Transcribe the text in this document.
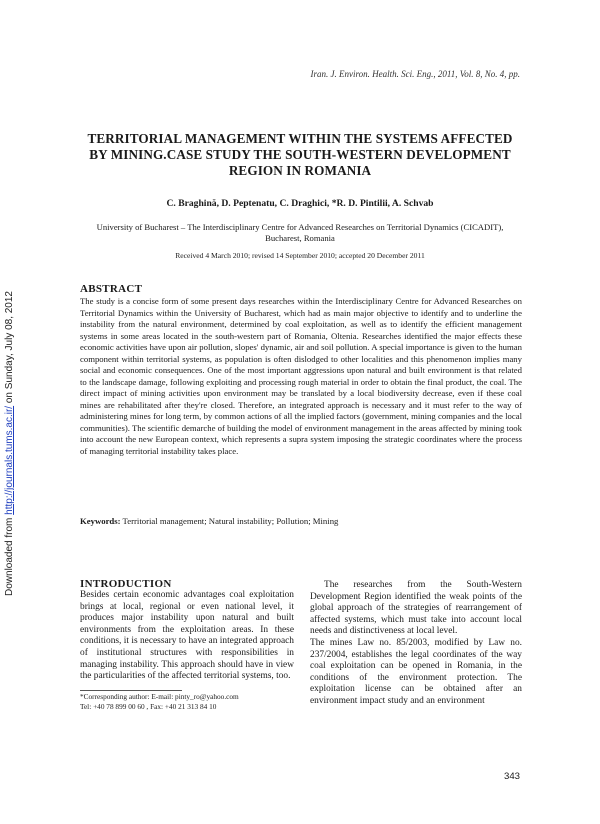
Downloaded from http://journals.tums.ac.ir/ on Sunday, July 08, 2012
Iran. J. Environ. Health. Sci. Eng., 2011, Vol. 8, No. 4, pp.
TERRITORIAL MANAGEMENT WITHIN THE SYSTEMS AFFECTED
BY MINING.CASE STUDY THE SOUTH-WESTERN DEVELOPMENT
REGION IN ROMANIA
C. Braghină, D. Peptenatu, C. Draghici, *R. D. Pintilii, A. Schvab
University of Bucharest – The Interdisciplinary Centre for Advanced Researches on Territorial Dynamics (CICADIT),
Bucharest, Romania
Received 4 March 2010; revised 14 September 2010; accepted 20 December 2011
ABSTRACT
The study is a concise form of some present days researches within the Interdisciplinary Centre for Advanced Researches on Territorial Dynamics within the University of Bucharest, which had as main major objective to identify and to underline the instability from the natural environment, determined by coal exploitation, as well as to identify the efficient management systems in some areas located in the south-western part of Romania, Oltenia. Researches identified the major effects these economic activities have upon air pollution, slopes' dynamic, air and soil pollution. A special importance is given to the human component within territorial systems, as population is often dislodged to other localities and this phenomenon implies many social and economic consequences. One of the most important aggressions upon natural and built environment is that related to the landscape damage, following exploiting and processing rough material in order to obtain the final product, the coal. The direct impact of mining activities upon environment may be translated by a local biodiversity decrease, even if these coal mines are rehabilitated after they're closed. Therefore, an integrated approach is necessary and it must refer to the way of administering mines for long term, by common actions of all the implied factors (government, mining companies and the local communities). The scientific demarche of building the model of environment management in the areas affected by mining took into account the new European context, which represents a supra system imposing the strategic coordinates where the process of managing territorial instability takes place.
Keywords: Territorial management; Natural instability; Pollution; Mining
INTRODUCTION
Besides certain economic advantages coal exploitation brings at local, regional or even national level, it produces major instability upon natural and built environments from the exploitation areas. In these conditions, it is necessary to have an integrated approach of institutional structures with responsibilities in managing instability. This approach should have in view the particularities of the affected territorial systems, too.

The researches from the South-Western Development Region identified the weak points of the global approach of the strategies of rearrangement of affected systems, which must take into account local needs and distinctiveness at local level.

The mines Law no. 85/2003, modified by Law no. 237/2004, establishes the legal coordinates of the way coal exploitation can be opened in Romania, in the conditions of the environment protection. The exploitation license can be obtained after an environment impact study and an environment

*Corresponding author: E-mail: pinty_ro@yahoo.com
Tel: +40 78 899 00 60 , Fax: +40 21 313 84 10
343
